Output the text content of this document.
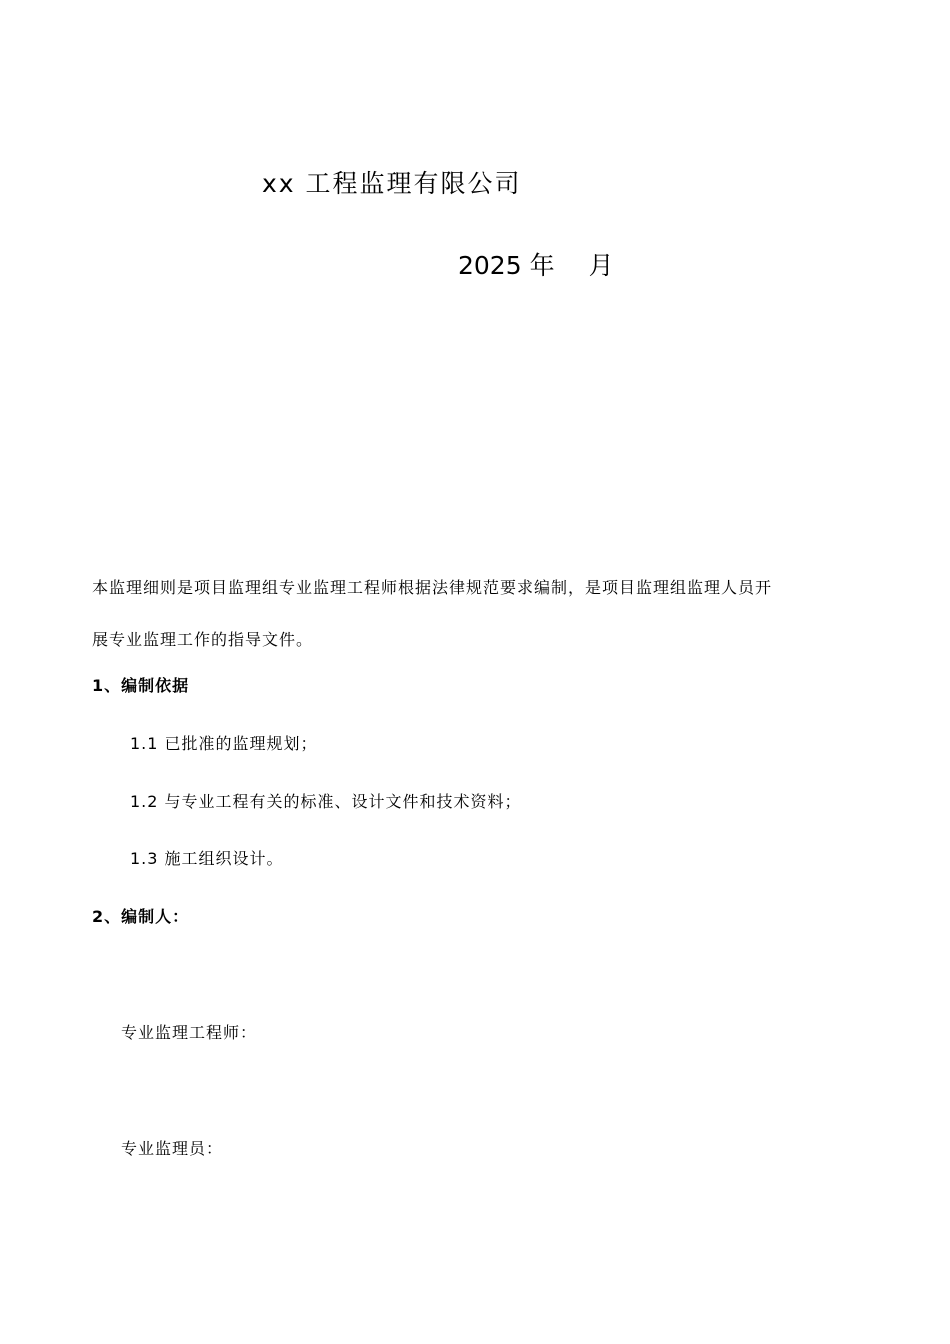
xx 工程监理有限公司
2025 年 月
本监理细则是项目监理组专业监理工程师根据法律规范要求编制，是项目监理组监理人员开
展专业监理工作的指导文件。
1、编制依据
1.1 已批准的监理规划；
1.2 与专业工程有关的标准、设计文件和技术资料；
1.3 施工组织设计。
2、编制人：
专业监理工程师：
专业监理员：
